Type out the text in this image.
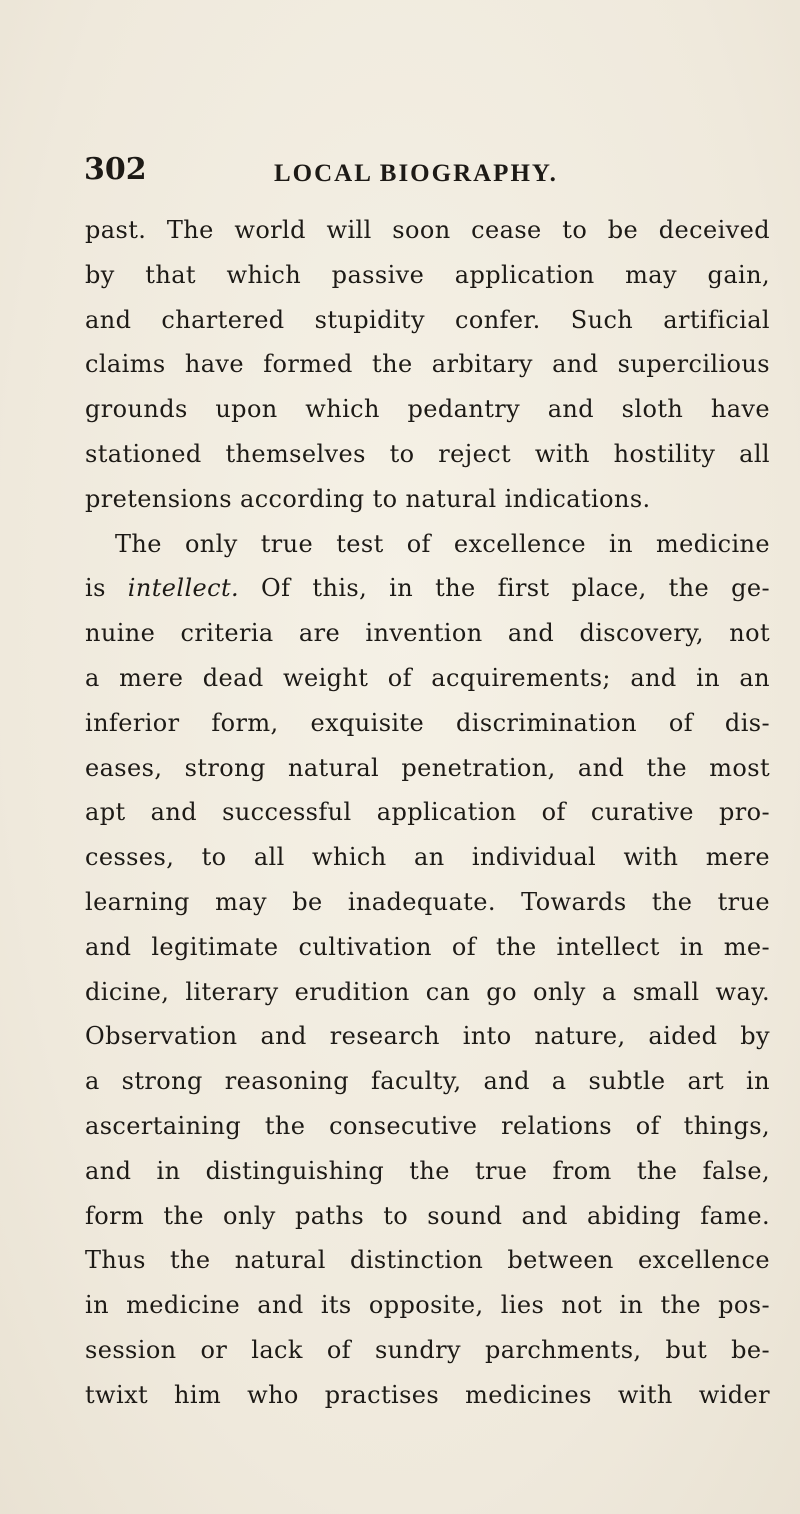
302	LOCAL BIOGRAPHY.
past. The world will soon cease to be deceived
by that which passive application may gain,
and chartered stupidity confer. Such artificial
claims have formed the arbitary and supercilious
grounds upon which pedantry and sloth have
stationed themselves to reject with hostility all
pretensions according to natural indications.
The only true test of excellence in medicine
is intellect. Of this, in the first place, the ge-
nuine criteria are invention and discovery, not
a mere dead weight of acquirements; and in an
inferior form, exquisite discrimination of dis-
eases, strong natural penetration, and the most
apt and successful application of curative pro-
cesses, to all which an individual with mere
learning may be inadequate. Towards the true
and legitimate cultivation of the intellect in me-
dicine, literary erudition can go only a small way.
Observation and research into nature, aided by
a strong reasoning faculty, and a subtle art in
ascertaining the consecutive relations of things,
and in distinguishing the true from the false,
form the only paths to sound and abiding fame.
Thus the natural distinction between excellence
in medicine and its opposite, lies not in the pos-
session or lack of sundry parchments, but be-
twixt him who practises medicines with wider
